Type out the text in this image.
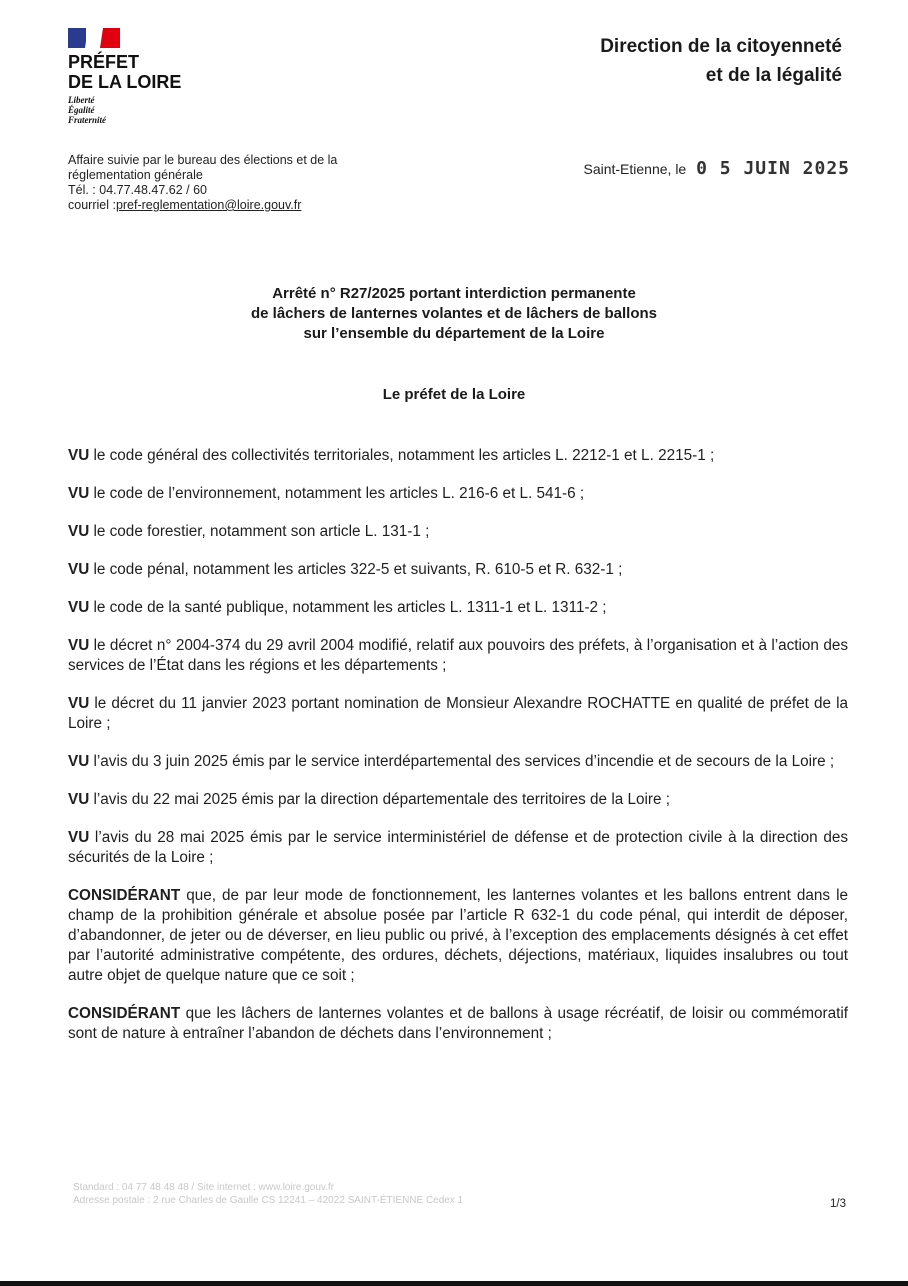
PRÉFET
DE LA LOIRE
Liberté
Égalité
Fraternité
Direction de la citoyenneté
et de la légalité
Affaire suivie par le bureau des élections et de la
réglementation générale
Tél. : 04.77.48.47.62 / 60
courriel :pref-reglementation@loire.gouv.fr
Saint-Etienne, le 0 5 JUIN 2025
Arrêté n° R27/2025 portant interdiction permanente
de lâchers de lanternes volantes et de lâchers de ballons
sur l’ensemble du département de la Loire
Le préfet de la Loire

VU le code général des collectivités territoriales, notamment les articles L. 2212-1 et L. 2215-1 ;

VU le code de l’environnement, notamment les articles L. 216-6 et L. 541-6 ;

VU le code forestier, notamment son article L. 131-1 ;

VU le code pénal, notamment les articles 322-5 et suivants, R. 610-5 et R. 632-1 ;

VU le code de la santé publique, notamment les articles L. 1311-1 et L. 1311-2 ;

VU le décret n° 2004-374 du 29 avril 2004 modifié, relatif aux pouvoirs des préfets, à l’organisation et à l’action des services de l’État dans les régions et les départements ;

VU le décret du 11 janvier 2023 portant nomination de Monsieur Alexandre ROCHATTE en qualité de préfet de la Loire ;

VU l’avis du 3 juin 2025 émis par le service interdépartemental des services d’incendie et de secours de la Loire ;

VU l’avis du 22 mai 2025 émis par la direction départementale des territoires de la Loire ;

VU l’avis du 28 mai 2025 émis par le service interministériel de défense et de protection civile à la direction des sécurités de la Loire ;

CONSIDÉRANT que, de par leur mode de fonctionnement, les lanternes volantes et les ballons entrent dans le champ de la prohibition générale et absolue posée par l’article R 632-1 du code pénal, qui interdit de déposer, d’abandonner, de jeter ou de déverser, en lieu public ou privé, à l’exception des emplacements désignés à cet effet par l’autorité administrative compétente, des ordures, déchets, déjections, matériaux, liquides insalubres ou tout autre objet de quelque nature que ce soit ;

CONSIDÉRANT que les lâchers de lanternes volantes et de ballons à usage récréatif, de loisir ou commémoratif sont de nature à entraîner l’abandon de déchets dans l’environnement ;

Standard : 04 77 48 48 48 / Site internet : www.loire.gouv.fr
Adresse postale : 2 rue Charles de Gaulle CS 12241 – 42022 SAINT-ÉTIENNE Cedex 1	1/3
